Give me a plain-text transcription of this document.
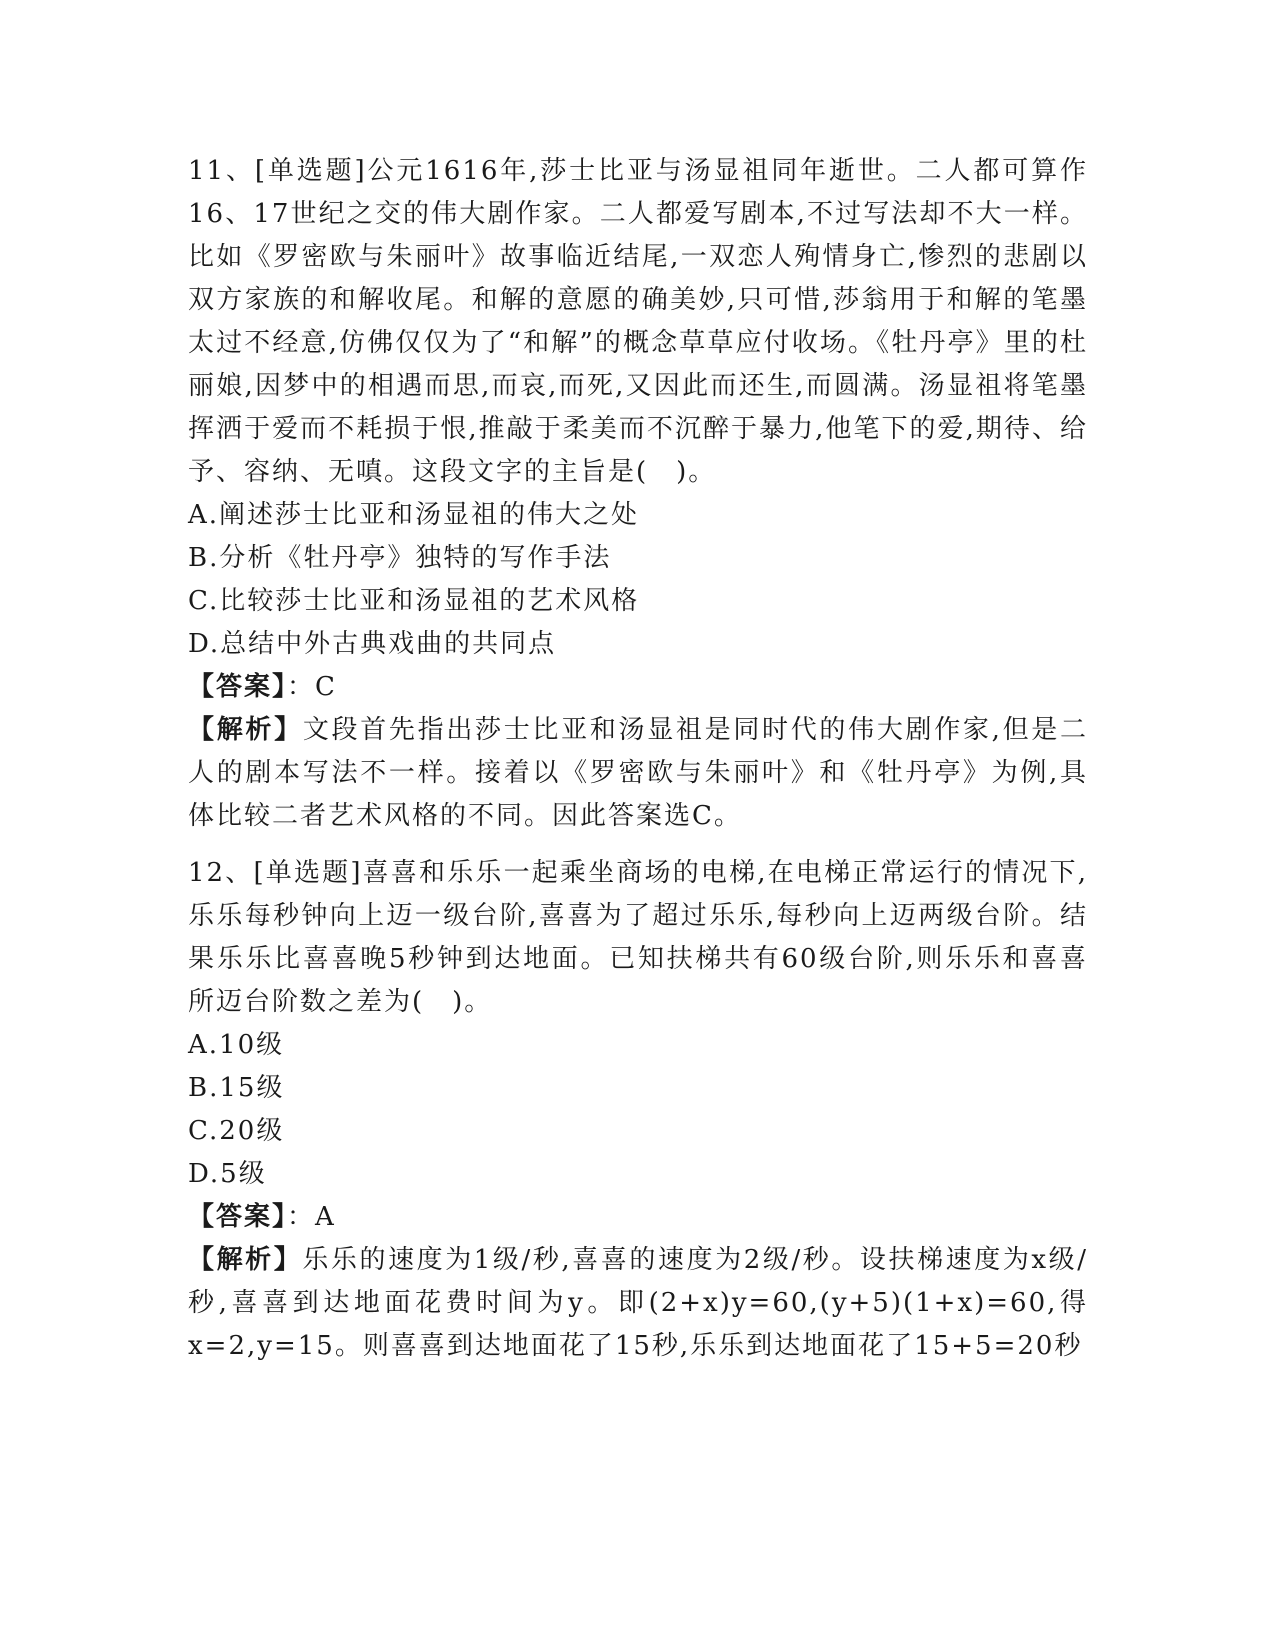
11、[单选题]公元1616年,莎士比亚与汤显祖同年逝世。二人都可算作16、17世纪之交的伟大剧作家。二人都爱写剧本,不过写法却不大一样。比如《罗密欧与朱丽叶》故事临近结尾,一双恋人殉情身亡,惨烈的悲剧以双方家族的和解收尾。和解的意愿的确美妙,只可惜,莎翁用于和解的笔墨太过不经意,仿佛仅仅为了“和解”的概念草草应付收场。《牡丹亭》里的杜丽娘,因梦中的相遇而思,而哀,而死,又因此而还生,而圆满。汤显祖将笔墨挥洒于爱而不耗损于恨,推敲于柔美而不沉醉于暴力,他笔下的爱,期待、给予、容纳、无嗔。这段文字的主旨是(　)。

A.阐述莎士比亚和汤显祖的伟大之处

B.分析《牡丹亭》独特的写作手法

C.比较莎士比亚和汤显祖的艺术风格

D.总结中外古典戏曲的共同点

【答案】：C

【解析】文段首先指出莎士比亚和汤显祖是同时代的伟大剧作家,但是二人的剧本写法不一样。接着以《罗密欧与朱丽叶》和《牡丹亭》为例,具体比较二者艺术风格的不同。因此答案选C。

12、[单选题]喜喜和乐乐一起乘坐商场的电梯,在电梯正常运行的情况下,乐乐每秒钟向上迈一级台阶,喜喜为了超过乐乐,每秒向上迈两级台阶。结果乐乐比喜喜晚5秒钟到达地面。已知扶梯共有60级台阶,则乐乐和喜喜所迈台阶数之差为(　)。

A.10级

B.15级

C.20级

D.5级

【答案】：A

【解析】乐乐的速度为1级/秒,喜喜的速度为2级/秒。设扶梯速度为x级/秒,喜喜到达地面花费时间为y。即(2+x)y=60,(y+5)(1+x)=60,得x=2,y=15。则喜喜到达地面花了15秒,乐乐到达地面花了15+5=20秒
